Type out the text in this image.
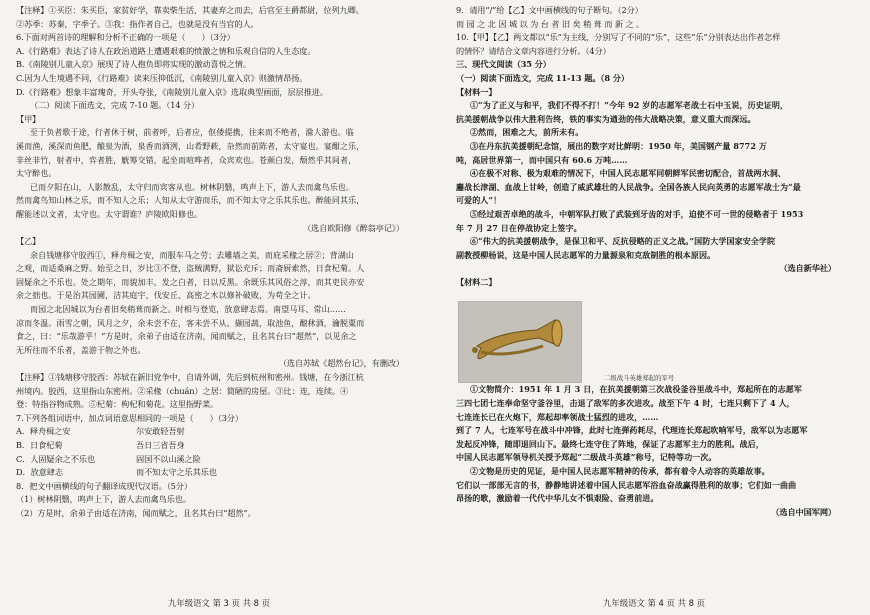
【注释】①买臣：朱买臣，家贫好学，靠卖柴生活，其妻弃之而去，后官至主爵都尉，位列九卿。
②苏季：苏秦，字季子。③我：指作者自己，也就是没有当官的人。
6.下面对两首诗的理解和分析不正确的一项是（　　）（3分）
A.《行路难》表达了诗人在政治道路上遭遇艰难的愤激之情和乐观自信的人生态度。
B.《南陵别儿童入京》展现了诗人抱负即将实现的激动喜悦之情。
C.因为人生境遇不同，《行路难》读来压抑低沉，《南陵别儿童入京》则激情昂扬。
D.《行路难》想象丰富瑰奇，开头夸张，《南陵别儿童入京》选取典型画面，层层推进。
（二）阅读下面选文，完成 7-10 题。（14 分）
【甲】
至于负者歌于途，行者休于树，前者呼，后者应，伛偻提携，往来而不绝者，滁人游也。临
溪而渔，溪深而鱼肥，酿泉为酒，泉香而酒洌，山肴野蔌，杂然而前陈者，太守宴也。宴酣之乐，
非丝非竹，射者中，弈者胜，觥筹交错，起坐而喧哗者，众宾欢也。苍颜白发，颓然乎其间者，
太守醉也。
已而夕阳在山，人影散乱，太守归而宾客从也。树林阴翳，鸣声上下，游人去而禽鸟乐也。
然而禽鸟知山林之乐，而不知人之乐；人知从太守游而乐，而不知太守之乐其乐也。醉能同其乐，
醒能述以文者，太守也。太守谓谁？庐陵欧阳修也。
（选自欧阳修《醉翁亭记》）
【乙】
余自钱塘移守胶西①，释舟楫之安，而服车马之劳；去雕墙之美，而庇采椽之居②；背湖山
之观，而适桑麻之野。始至之日，岁比③不登，盗贼满野，狱讼充斥；而斋厨索然，日食杞菊。人
固疑余之不乐也。处之期年，而貌加丰，发之白者，日以反黑。余既乐其风俗之淳，而其吏民亦安
余之拙也。于是治其园圃，洁其庭宇，伐安丘、高密之木以修补破败，为苟全之计。
而园之北因城以为台者旧矣稍葺而新之。时相与登览，放意肆志焉。南望马耳、常山……
凉而冬温。雨雪之朝，风月之夕，余未尝不在，客未尝不从。撷园蔬，取池鱼，酿秫酒，瀹脱粟而
食之，曰：“乐哉游乎！”方是时，余弟子由适在济南，闻而赋之，且名其台曰“超然”，以见余之
无所往而不乐者，盖游于物之外也。
（选自苏轼《超然台记》，有删改）
【注释】①钱塘移守胶西：苏轼在新旧党争中，自请外调，先后到杭州和密州。钱塘，在今浙江杭
州境内。胶西，这里指山东密州。②采椽（chuán）之居：简陋的房屋。③比：连，连续。④
登：特指谷物成熟。⑤杞菊：枸杞和菊花。这里指野菜。
7.下列各组词语中，加点词语意思相同的一项是（　　）（3分）
A．释舟楫之安	尔安敢轻吾射
B．日食杞菊	吾日三省吾身
C．人固疑余之不乐也	固国不以山溪之险
D．放意肆志	而不知太守之乐其乐也
8．把文中画横线的句子翻译成现代汉语。（5分）
（1）树林阴翳，鸣声上下，游人去而禽鸟乐也。
（2）方是时，余弟子由适在济南，闻而赋之，且名其台曰“超然”。
九年级语文 第 3 页 共 8 页
9．请用“/”给【乙】文中画横线的句子断句。（2分）
而 园 之 北 因 城 以 为 台 者 旧 矣 稍 葺 而 新 之 。
10.【甲】【乙】两文都以“乐”为主线，分别写了不同的“乐”，这些“乐”分别表达出作者怎样
的情怀？请结合文章内容进行分析。（4分）
三、现代文阅读（35 分）
（一）阅读下面选文，完成 11-13 题。（8 分）
【材料一】
①“为了正义与和平，我们不得不打！”今年 92 岁的志愿军老战士石中玉说，历史证明，
抗美援朝战争以伟大胜利告终，铁的事实为遒劲的伟大战略决策，意义重大而深远。
②然而，困难之大，前所未有。
③在丹东抗美援朝纪念馆，展出的数字对比鲜明：1950 年，美国钢产量 8772 万
吨，高居世界第一，而中国只有 60.6 万吨……
④在极不对称、极为艰难的情况下，中国人民志愿军同朝鲜军民密切配合，首战两水洞、
鏖战长津湖、血战上甘岭，创造了威武雄壮的人民战争。全国各族人民向英勇的志愿军战士为“最
可爱的人”！
⑤经过艰苦卓绝的战斗，中朝军队打败了武装到牙齿的对手，迫使不可一世的侵略者于 1953
年 7 月 27 日在停战协定上签字。
⑥“伟大的抗美援朝战争，是保卫和平、反抗侵略的正义之战。”国防大学国家安全学院
副教授柳杨说，这是中国人民志愿军的力量源泉和克敌制胜的根本原因。
（选自新华社）
【材料二】
二级战斗英雄郑起的军号
①文物简介：1951 年 1 月 3 日，在抗美援朝第三次战役釜谷里战斗中，郑起所在的志愿军
三四七团七连奉命坚守釜谷里，击退了敌军的多次进攻。战至下午 4 时，七连只剩下了 4 人，
七连连长已在火炮下，郑起却率领战士猛烈的进攻，……
到了 7 人，七连军号在战斗中冲锋，此时七连弹药耗尽，代理连长郑起吹响军号，敌军以为志愿军
发起反冲锋，随即退回山下。最终七连守住了阵地，保证了志愿军主力的胜利。战后，
中国人民志愿军领导机关授予郑起“二级战斗英雄”称号，记特等功一次。
②文物是历史的见证，是中国人民志愿军精神的传承，都有着令人动容的英雄故事。
它们以一部部无言的书，静静地讲述着中国人民志愿军浴血奋战赢得胜利的故事；它们如一曲曲
昂扬的歌，激励着一代代中华儿女不惧艰险、奋勇前进。
（选自中国军网）
九年级语文 第 4 页 共 8 页
